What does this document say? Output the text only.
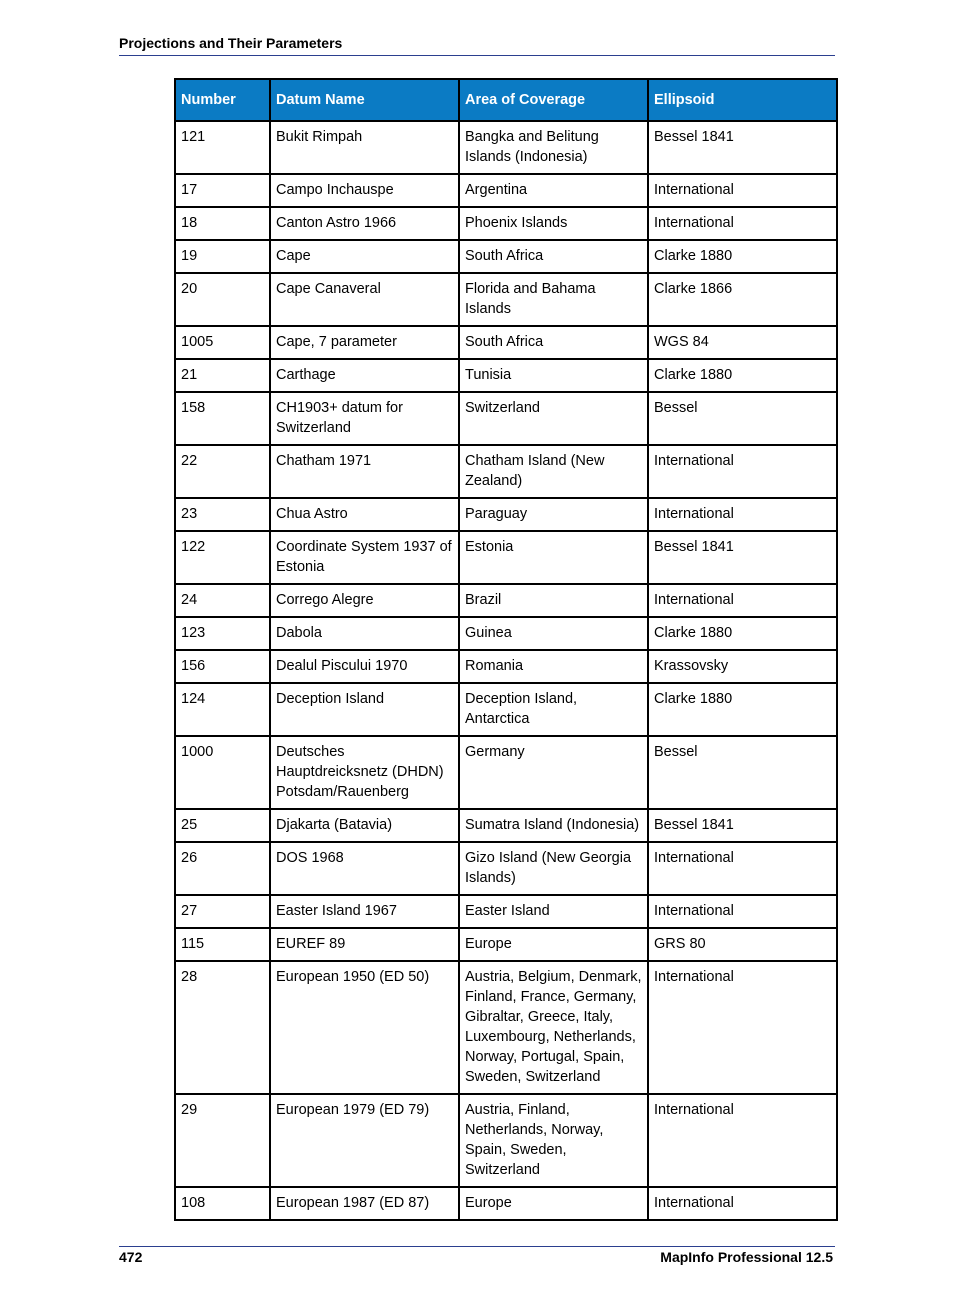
Projections and Their Parameters
Number	Datum Name	Area of Coverage	Ellipsoid
121	Bukit Rimpah	Bangka and Belitung Islands (Indonesia)	Bessel 1841
17	Campo Inchauspe	Argentina	International
18	Canton Astro 1966	Phoenix Islands	International
19	Cape	South Africa	Clarke 1880
20	Cape Canaveral	Florida and Bahama Islands	Clarke 1866
1005	Cape, 7 parameter	South Africa	WGS 84
21	Carthage	Tunisia	Clarke 1880
158	CH1903+ datum for Switzerland	Switzerland	Bessel
22	Chatham 1971	Chatham Island (New Zealand)	International
23	Chua Astro	Paraguay	International
122	Coordinate System 1937 of Estonia	Estonia	Bessel 1841
24	Corrego Alegre	Brazil	International
123	Dabola	Guinea	Clarke 1880
156	Dealul Piscului 1970	Romania	Krassovsky
124	Deception Island	Deception Island, Antarctica	Clarke 1880
1000	Deutsches Hauptdreicksnetz (DHDN) Potsdam/Rauenberg	Germany	Bessel
25	Djakarta (Batavia)	Sumatra Island (Indonesia)	Bessel 1841
26	DOS 1968	Gizo Island (New Georgia Islands)	International
27	Easter Island 1967	Easter Island	International
115	EUREF 89	Europe	GRS 80
28	European 1950 (ED 50)	Austria, Belgium, Denmark, Finland, France, Germany, Gibraltar, Greece, Italy, Luxembourg, Netherlands, Norway, Portugal, Spain, Sweden, Switzerland	International
29	European 1979 (ED 79)	Austria, Finland, Netherlands, Norway, Spain, Sweden, Switzerland	International
108	European 1987 (ED 87)	Europe	International
472	MapInfo Professional 12.5
